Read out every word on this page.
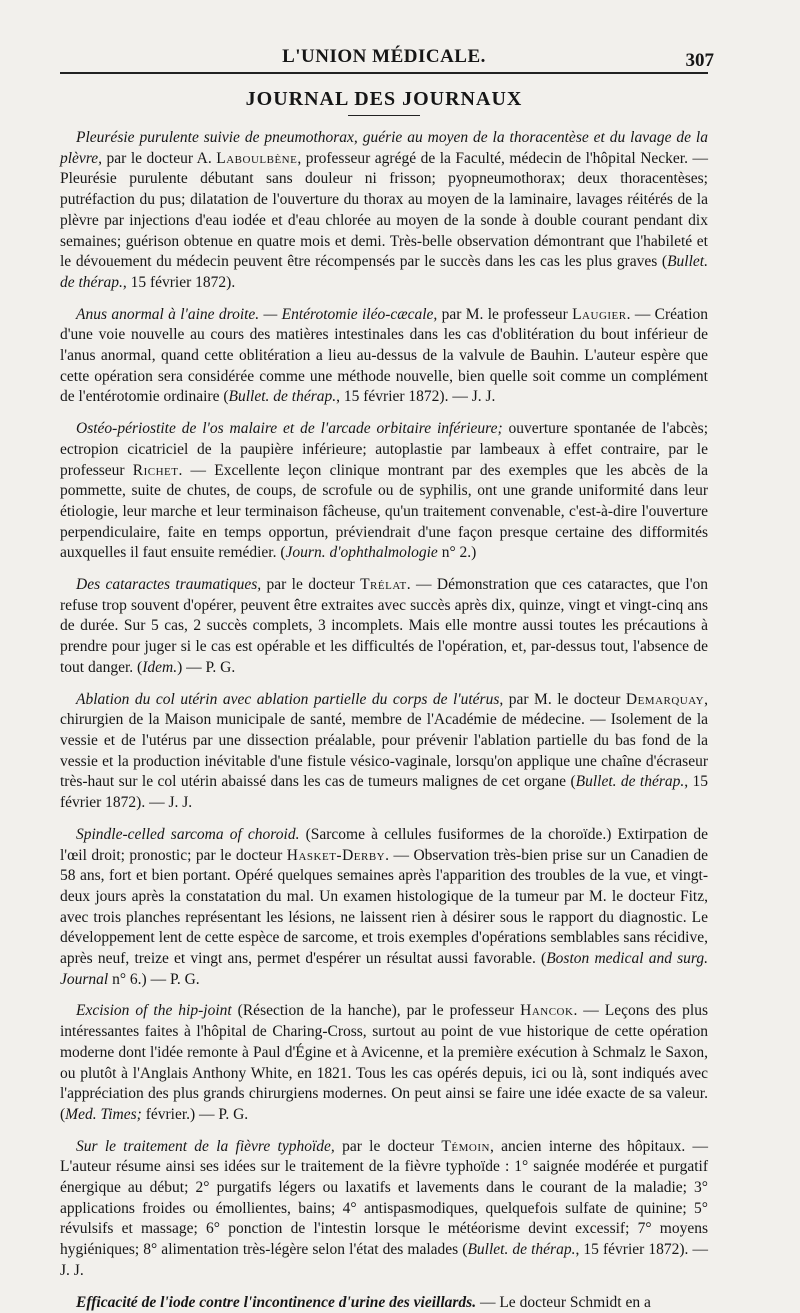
L'UNION MÉDICALE.	307
JOURNAL DES JOURNAUX

Pleurésie purulente suivie de pneumothorax, guérie au moyen de la thoracentèse et du lavage de la plèvre, par le docteur A. Laboulbène, professeur agrégé de la Faculté, médecin de l'hôpital Necker. — Pleurésie purulente débutant sans douleur ni frisson; pyopneumothorax; deux thoracentèses; putréfaction du pus; dilatation de l'ouverture du thorax au moyen de la laminaire, lavages réitérés de la plèvre par injections d'eau iodée et d'eau chlorée au moyen de la sonde à double courant pendant dix semaines; guérison obtenue en quatre mois et demi. Très-belle observation démontrant que l'habileté et le dévouement du médecin peuvent être récompensés par le succès dans les cas les plus graves (Bullet. de thérap., 15 février 1872).

Anus anormal à l'aine droite. — Entérotomie iléo-cæcale, par M. le professeur Laugier. — Création d'une voie nouvelle au cours des matières intestinales dans les cas d'oblitération du bout inférieur de l'anus anormal, quand cette oblitération a lieu au-dessus de la valvule de Bauhin. L'auteur espère que cette opération sera considérée comme une méthode nouvelle, bien quelle soit comme un complément de l'entérotomie ordinaire (Bullet. de thérap., 15 février 1872). — J. J.

Ostéo-périostite de l'os malaire et de l'arcade orbitaire inférieure; ouverture spontanée de l'abcès; ectropion cicatriciel de la paupière inférieure; autoplastie par lambeaux à effet contraire, par le professeur Richet. — Excellente leçon clinique montrant par des exemples que les abcès de la pommette, suite de chutes, de coups, de scrofule ou de syphilis, ont une grande uniformité dans leur étiologie, leur marche et leur terminaison fâcheuse, qu'un traitement convenable, c'est-à-dire l'ouverture perpendiculaire, faite en temps opportun, préviendrait d'une façon presque certaine des difformités auxquelles il faut ensuite remédier. (Journ. d'ophthalmologie n° 2.)

Des cataractes traumatiques, par le docteur Trélat. — Démonstration que ces cataractes, que l'on refuse trop souvent d'opérer, peuvent être extraites avec succès après dix, quinze, vingt et vingt-cinq ans de durée. Sur 5 cas, 2 succès complets, 3 incomplets. Mais elle montre aussi toutes les précautions à prendre pour juger si le cas est opérable et les difficultés de l'opération, et, par-dessus tout, l'absence de tout danger. (Idem.) — P. G.

Ablation du col utérin avec ablation partielle du corps de l'utérus, par M. le docteur Demarquay, chirurgien de la Maison municipale de santé, membre de l'Académie de médecine. — Isolement de la vessie et de l'utérus par une dissection préalable, pour prévenir l'ablation partielle du bas fond de la vessie et la production inévitable d'une fistule vésico-vaginale, lorsqu'on applique une chaîne d'écraseur très-haut sur le col utérin abaissé dans les cas de tumeurs malignes de cet organe (Bullet. de thérap., 15 février 1872). — J. J.

Spindle-celled sarcoma of choroid. (Sarcome à cellules fusiformes de la choroïde.) Extirpation de l'œil droit; pronostic; par le docteur Hasket-Derby. — Observation très-bien prise sur un Canadien de 58 ans, fort et bien portant. Opéré quelques semaines après l'apparition des troubles de la vue, et vingt-deux jours après la constatation du mal. Un examen histologique de la tumeur par M. le docteur Fitz, avec trois planches représentant les lésions, ne laissent rien à désirer sous le rapport du diagnostic. Le développement lent de cette espèce de sarcome, et trois exemples d'opérations semblables sans récidive, après neuf, treize et vingt ans, permet d'espérer un résultat aussi favorable. (Boston medical and surg. Journal n° 6.) — P. G.

Excision of the hip-joint (Résection de la hanche), par le professeur Hancok. — Leçons des plus intéressantes faites à l'hôpital de Charing-Cross, surtout au point de vue historique de cette opération moderne dont l'idée remonte à Paul d'Égine et à Avicenne, et la première exécution à Schmalz le Saxon, ou plutôt à l'Anglais Anthony White, en 1821. Tous les cas opérés depuis, ici ou là, sont indiqués avec l'appréciation des plus grands chirurgiens modernes. On peut ainsi se faire une idée exacte de sa valeur. (Med. Times; février.) — P. G.

Sur le traitement de la fièvre typhoïde, par le docteur Témoin, ancien interne des hôpitaux. — L'auteur résume ainsi ses idées sur le traitement de la fièvre typhoïde : 1° saignée modérée et purgatif énergique au début; 2° purgatifs légers ou laxatifs et lavements dans le courant de la maladie; 3° applications froides ou émollientes, bains; 4° antispasmodiques, quelquefois sulfate de quinine; 5° révulsifs et massage; 6° ponction de l'intestin lorsque le météorisme devint excessif; 7° moyens hygiéniques; 8° alimentation très-légère selon l'état des malades (Bullet. de thérap., 15 février 1872). — J. J.

Efficacité de l'iode contre l'incontinence d'urine des vieillards. — Le docteur Schmidt en a
